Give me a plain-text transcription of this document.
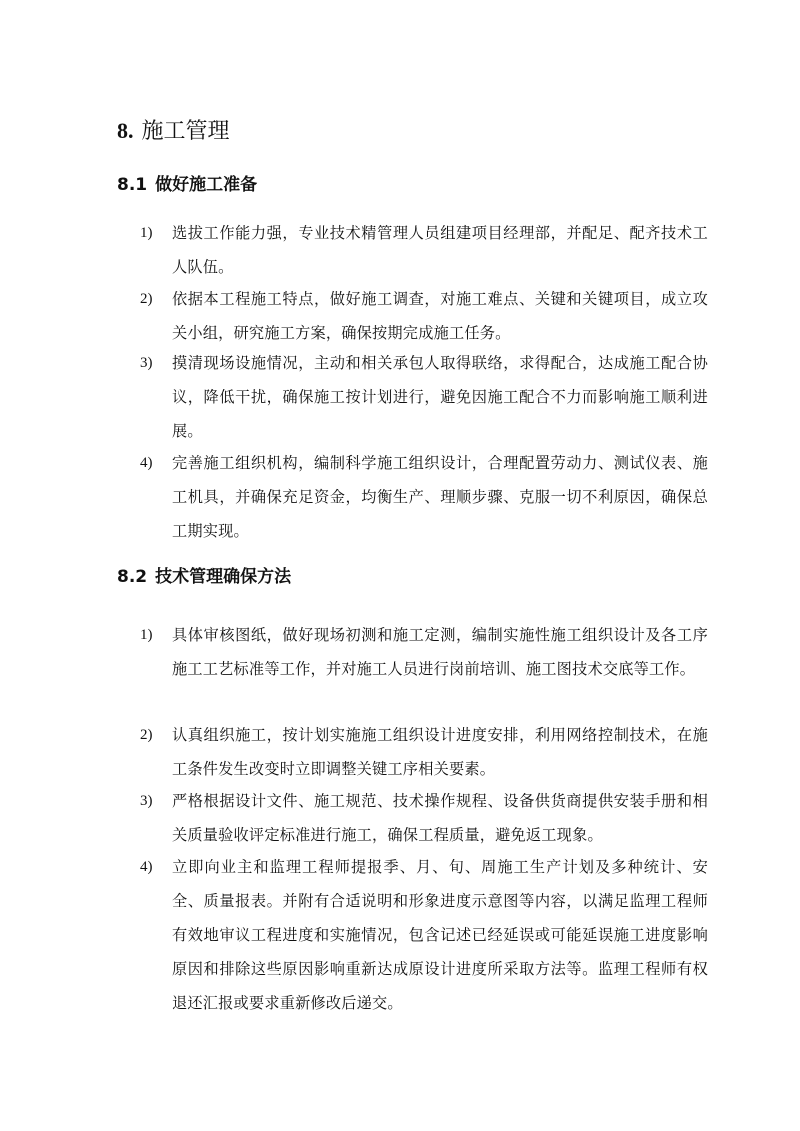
8. 施工管理
8.1 做好施工准备
1) 选拔工作能力强，专业技术精管理人员组建项目经理部，并配足、配齐技术工人队伍。
2) 依据本工程施工特点，做好施工调查，对施工难点、关键和关键项目，成立攻关小组，研究施工方案，确保按期完成施工任务。
3) 摸清现场设施情况，主动和相关承包人取得联络，求得配合，达成施工配合协议，降低干扰，确保施工按计划进行，避免因施工配合不力而影响施工顺利进展。
4) 完善施工组织机构，编制科学施工组织设计，合理配置劳动力、测试仪表、施工机具，并确保充足资金，均衡生产、理顺步骤、克服一切不利原因，确保总工期实现。
8.2 技术管理确保方法
1) 具体审核图纸，做好现场初测和施工定测，编制实施性施工组织设计及各工序施工工艺标准等工作，并对施工人员进行岗前培训、施工图技术交底等工作。
2) 认真组织施工，按计划实施施工组织设计进度安排，利用网络控制技术，在施工条件发生改变时立即调整关键工序相关要素。
3) 严格根据设计文件、施工规范、技术操作规程、设备供货商提供安装手册和相关质量验收评定标准进行施工，确保工程质量，避免返工现象。
4) 立即向业主和监理工程师提报季、月、旬、周施工生产计划及多种统计、安全、质量报表。并附有合适说明和形象进度示意图等内容，以满足监理工程师有效地审议工程进度和实施情况，包含记述已经延误或可能延误施工进度影响原因和排除这些原因影响重新达成原设计进度所采取方法等。监理工程师有权退还汇报或要求重新修改后递交。
